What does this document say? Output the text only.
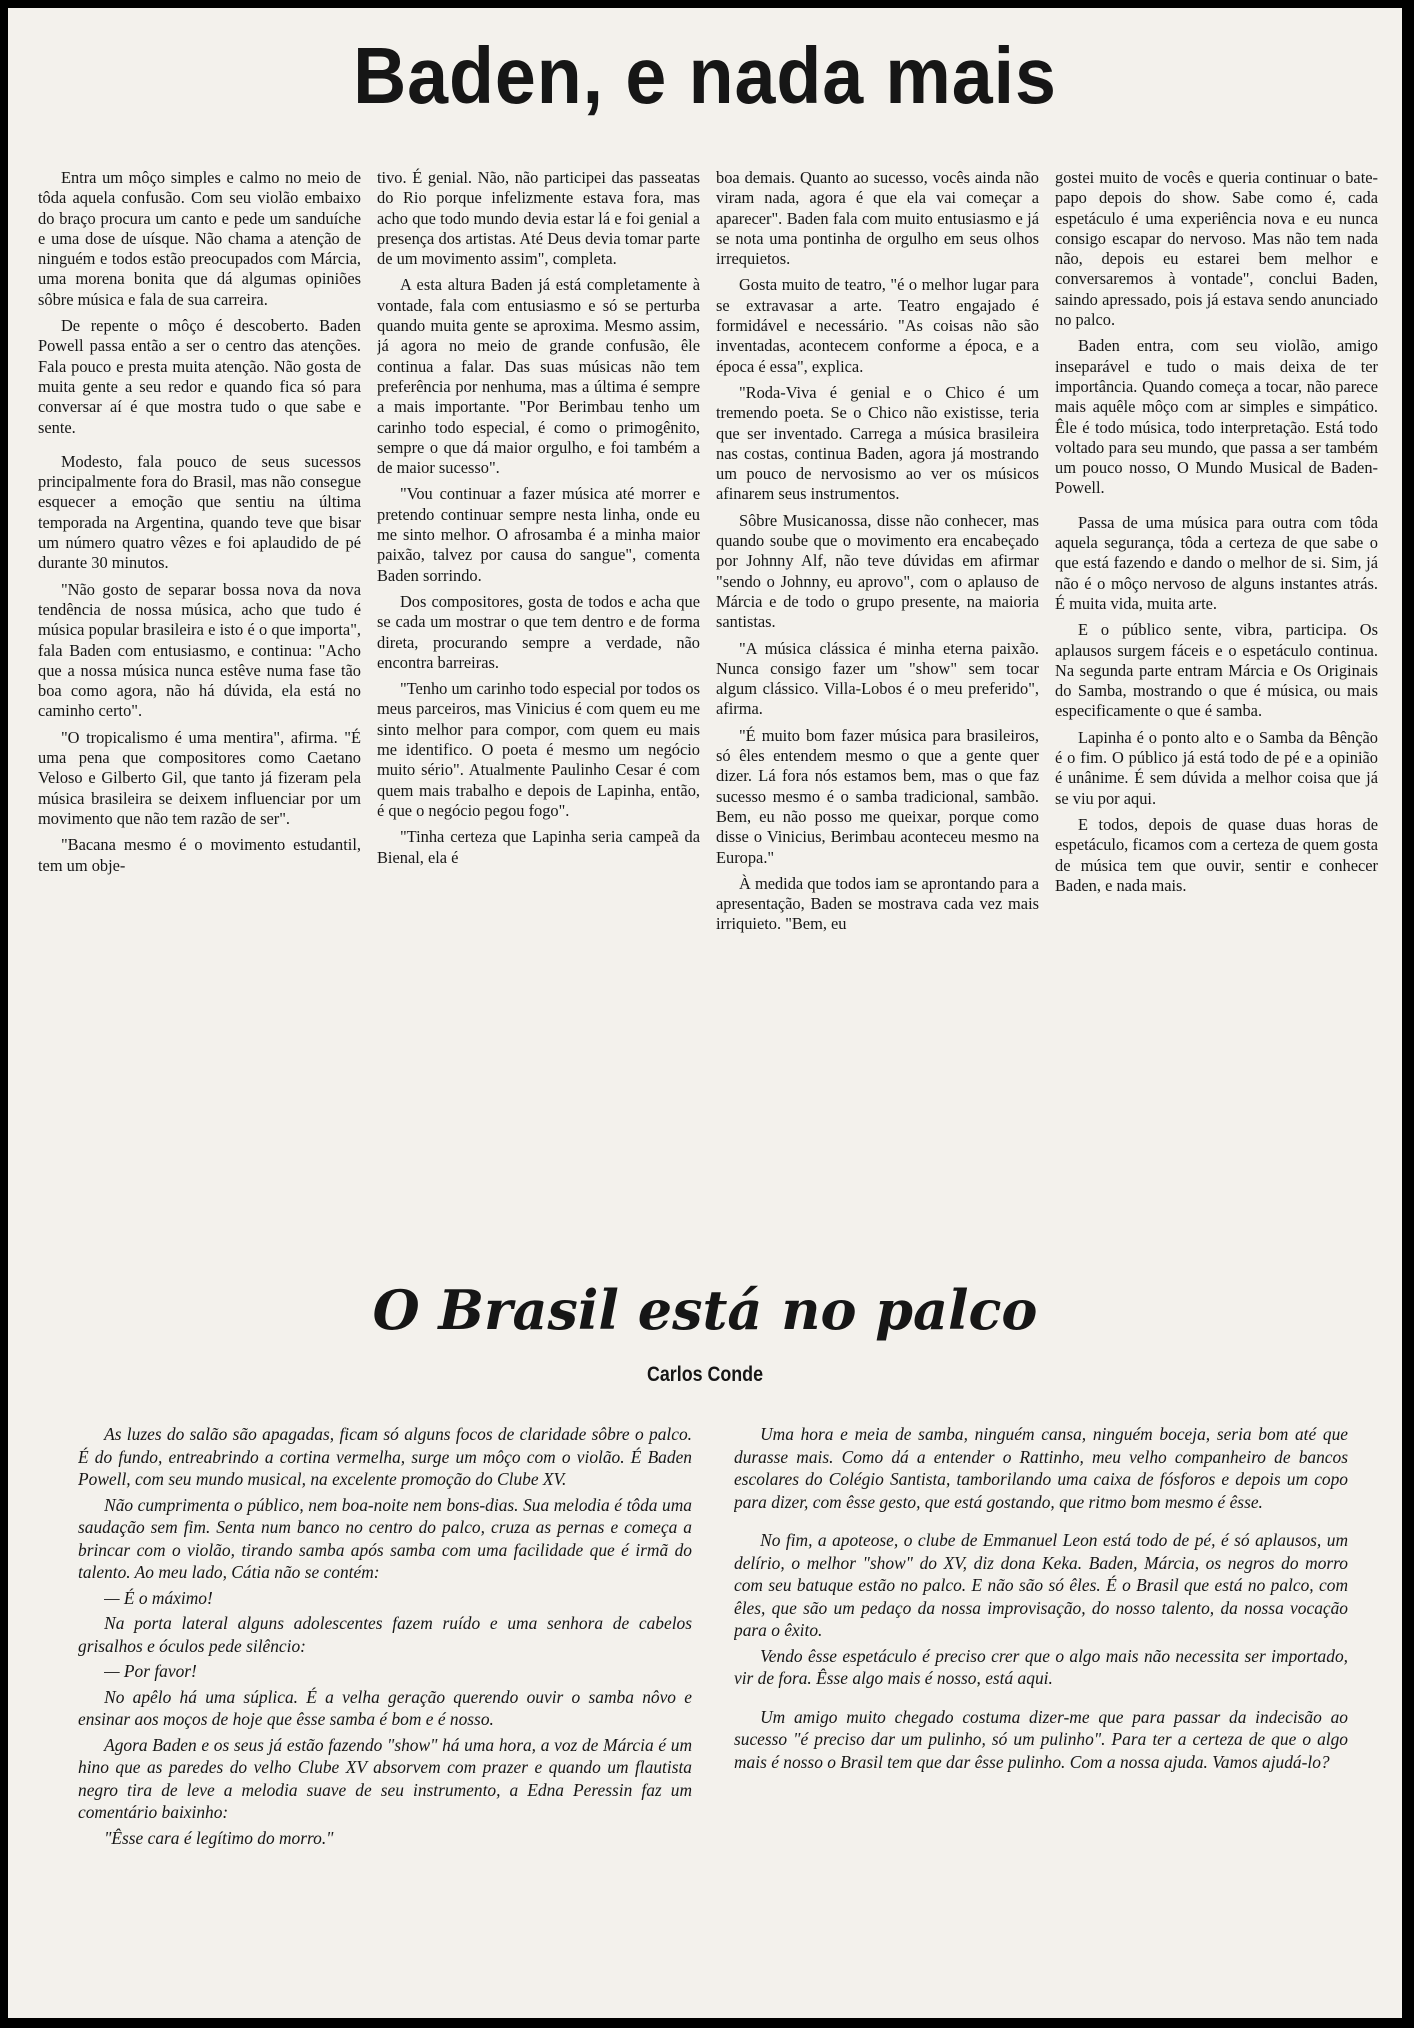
Baden, e nada mais

Entra um môço simples e calmo no meio de tôda aquela confusão. Com seu violão embaixo do braço procura um canto e pede um sanduíche e uma dose de uísque. Não chama a atenção de ninguém e todos estão preocupados com Márcia, uma morena bonita que dá algumas opiniões sôbre música e fala de sua carreira.

De repente o môço é descoberto. Baden Powell passa então a ser o centro das atenções. Fala pouco e presta muita atenção. Não gosta de muita gente a seu redor e quando fica só para conversar aí é que mostra tudo o que sabe e sente.

Modesto, fala pouco de seus sucessos principalmente fora do Brasil, mas não consegue esquecer a emoção que sentiu na última temporada na Argentina, quando teve que bisar um número quatro vêzes e foi aplaudido de pé durante 30 minutos.

"Não gosto de separar bossa nova da nova tendência de nossa música, acho que tudo é música popular brasileira e isto é o que importa", fala Baden com entusiasmo, e continua: "Acho que a nossa música nunca estêve numa fase tão boa como agora, não há dúvida, ela está no caminho certo".

"O tropicalismo é uma mentira", afirma. "É uma pena que compositores como Caetano Veloso e Gilberto Gil, que tanto já fizeram pela música brasileira se deixem influenciar por um movimento que não tem razão de ser".

"Bacana mesmo é o movimento estudantil, tem um obje-

tivo. É genial. Não, não participei das passeatas do Rio porque infelizmente estava fora, mas acho que todo mundo devia estar lá e foi genial a presença dos artistas. Até Deus devia tomar parte de um movimento assim", completa.

A esta altura Baden já está completamente à vontade, fala com entusiasmo e só se perturba quando muita gente se aproxima. Mesmo assim, já agora no meio de grande confusão, êle continua a falar. Das suas músicas não tem preferência por nenhuma, mas a última é sempre a mais importante. "Por Berimbau tenho um carinho todo especial, é como o primogênito, sempre o que dá maior orgulho, e foi também a de maior sucesso".

"Vou continuar a fazer música até morrer e pretendo continuar sempre nesta linha, onde eu me sinto melhor. O afrosamba é a minha maior paixão, talvez por causa do sangue", comenta Baden sorrindo.

Dos compositores, gosta de todos e acha que se cada um mostrar o que tem dentro e de forma direta, procurando sempre a verdade, não encontra barreiras.

"Tenho um carinho todo especial por todos os meus parceiros, mas Vinicius é com quem eu me sinto melhor para compor, com quem eu mais me identifico. O poeta é mesmo um negócio muito sério". Atualmente Paulinho Cesar é com quem mais trabalho e depois de Lapinha, então, é que o negócio pegou fogo".

"Tinha certeza que Lapinha seria campeã da Bienal, ela é

boa demais. Quanto ao sucesso, vocês ainda não viram nada, agora é que ela vai começar a aparecer". Baden fala com muito entusiasmo e já se nota uma pontinha de orgulho em seus olhos irrequietos.

Gosta muito de teatro, "é o melhor lugar para se extravasar a arte. Teatro engajado é formidável e necessário. "As coisas não são inventadas, acontecem conforme a época, e a época é essa", explica.

"Roda-Viva é genial e o Chico é um tremendo poeta. Se o Chico não existisse, teria que ser inventado. Carrega a música brasileira nas costas, continua Baden, agora já mostrando um pouco de nervosismo ao ver os músicos afinarem seus instrumentos.

Sôbre Musicanossa, disse não conhecer, mas quando soube que o movimento era encabeçado por Johnny Alf, não teve dúvidas em afirmar "sendo o Johnny, eu aprovo", com o aplauso de Márcia e de todo o grupo presente, na maioria santistas.

"A música clássica é minha eterna paixão. Nunca consigo fazer um "show" sem tocar algum clássico. Villa-Lobos é o meu preferido", afirma.

"É muito bom fazer música para brasileiros, só êles entendem mesmo o que a gente quer dizer. Lá fora nós estamos bem, mas o que faz sucesso mesmo é o samba tradicional, sambão. Bem, eu não posso me queixar, porque como disse o Vinicius, Berimbau aconteceu mesmo na Europa."

À medida que todos iam se aprontando para a apresentação, Baden se mostrava cada vez mais irriquieto. "Bem, eu

gostei muito de vocês e queria continuar o bate-papo depois do show. Sabe como é, cada espetáculo é uma experiência nova e eu nunca consigo escapar do nervoso. Mas não tem nada não, depois eu estarei bem melhor e conversaremos à vontade", conclui Baden, saindo apressado, pois já estava sendo anunciado no palco.

Baden entra, com seu violão, amigo inseparável e tudo o mais deixa de ter importância. Quando começa a tocar, não parece mais aquêle môço com ar simples e simpático. Êle é todo música, todo interpretação. Está todo voltado para seu mundo, que passa a ser também um pouco nosso, O Mundo Musical de Baden-Powell.

Passa de uma música para outra com tôda aquela segurança, tôda a certeza de que sabe o que está fazendo e dando o melhor de si. Sim, já não é o môço nervoso de alguns instantes atrás. É muita vida, muita arte.

E o público sente, vibra, participa. Os aplausos surgem fáceis e o espetáculo continua. Na segunda parte entram Márcia e Os Originais do Samba, mostrando o que é música, ou mais especificamente o que é samba.

Lapinha é o ponto alto e o Samba da Bênção é o fim. O público já está todo de pé e a opinião é unânime. É sem dúvida a melhor coisa que já se viu por aqui.

E todos, depois de quase duas horas de espetáculo, ficamos com a certeza de quem gosta de música tem que ouvir, sentir e conhecer Baden, e nada mais.

O Brasil está no palco
Carlos Conde

As luzes do salão são apagadas, ficam só alguns focos de claridade sôbre o palco. É do fundo, entreabrindo a cortina vermelha, surge um môço com o violão. É Baden Powell, com seu mundo musical, na excelente promoção do Clube XV.

Não cumprimenta o público, nem boa-noite nem bons-dias. Sua melodia é tôda uma saudação sem fim. Senta num banco no centro do palco, cruza as pernas e começa a brincar com o violão, tirando samba após samba com uma facilidade que é irmã do talento. Ao meu lado, Cátia não se contém:

— É o máximo!

Na porta lateral alguns adolescentes fazem ruído e uma senhora de cabelos grisalhos e óculos pede silêncio:

— Por favor!

No apêlo há uma súplica. É a velha geração querendo ouvir o samba nôvo e ensinar aos moços de hoje que êsse samba é bom e é nosso.

Agora Baden e os seus já estão fazendo "show" há uma hora, a voz de Márcia é um hino que as paredes do velho Clube XV absorvem com prazer e quando um flautista negro tira de leve a melodia suave de seu instrumento, a Edna Peressin faz um comentário baixinho:

"Êsse cara é legítimo do morro."

Uma hora e meia de samba, ninguém cansa, ninguém boceja, seria bom até que durasse mais. Como dá a entender o Rattinho, meu velho companheiro de bancos escolares do Colégio Santista, tamborilando uma caixa de fósforos e depois um copo para dizer, com êsse gesto, que está gostando, que ritmo bom mesmo é êsse.

No fim, a apoteose, o clube de Emmanuel Leon está todo de pé, é só aplausos, um delírio, o melhor "show" do XV, diz dona Keka. Baden, Márcia, os negros do morro com seu batuque estão no palco. E não são só êles. É o Brasil que está no palco, com êles, que são um pedaço da nossa improvisação, do nosso talento, da nossa vocação para o êxito.

Vendo êsse espetáculo é preciso crer que o algo mais não necessita ser importado, vir de fora. Êsse algo mais é nosso, está aqui.

Um amigo muito chegado costuma dizer-me que para passar da indecisão ao sucesso "é preciso dar um pulinho, só um pulinho". Para ter a certeza de que o algo mais é nosso o Brasil tem que dar êsse pulinho. Com a nossa ajuda. Vamos ajudá-lo?
